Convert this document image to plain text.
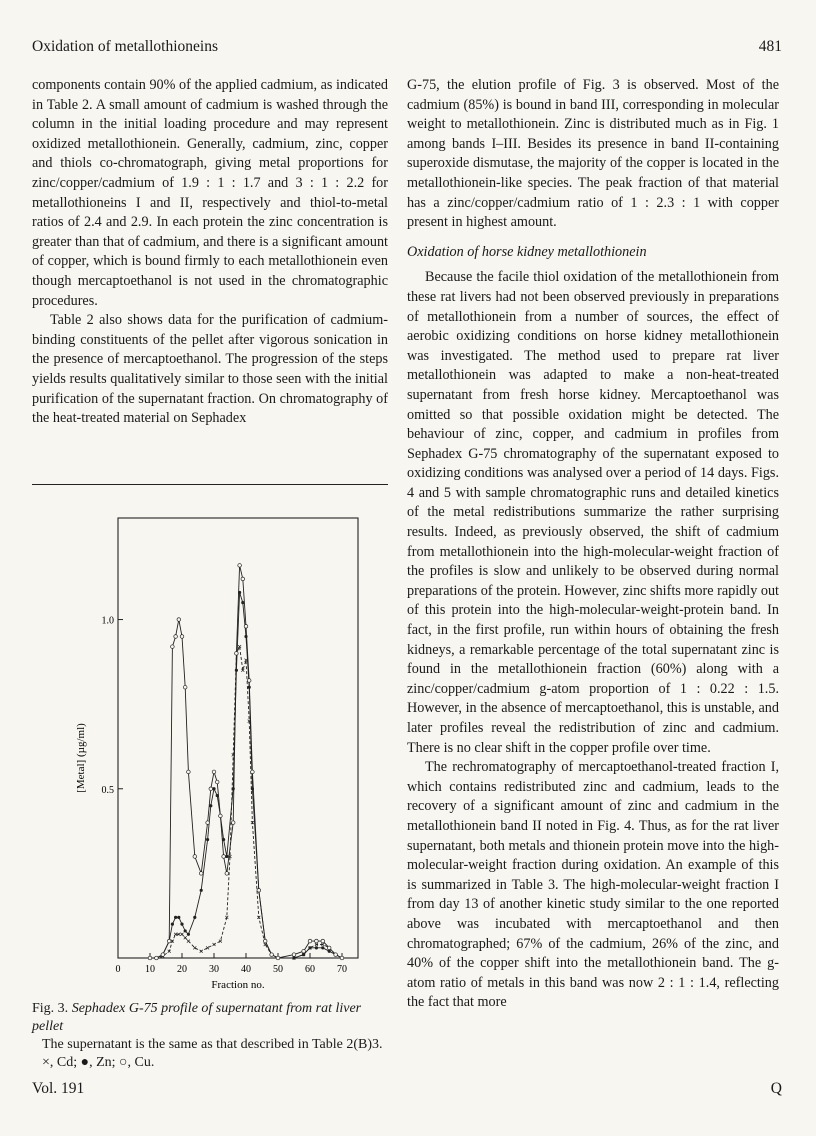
Oxidation of metallothioneins	481

components contain 90% of the applied cadmium, as indicated in Table 2. A small amount of cadmium is washed through the column in the initial loading procedure and may represent oxidized metallothionein. Generally, cadmium, zinc, copper and thiols co-chromatograph, giving metal proportions for zinc/copper/cadmium of 1.9 : 1 : 1.7 and 3 : 1 : 2.2 for metallothioneins I and II, respectively and thiol-to-metal ratios of 2.4 and 2.9. In each protein the zinc concentration is greater than that of cadmium, and there is a significant amount of copper, which is bound firmly to each metallothionein even though mercaptoethanol is not used in the chromatographic procedures.

Table 2 also shows data for the purification of cadmium-binding constituents of the pellet after vigorous sonication in the presence of mercaptoethanol. The progression of the steps yields results qualitatively similar to those seen with the initial purification of the supernatant fraction. On chromatography of the heat-treated material on Sephadex

0 10 20 30 40 50 60 70
0.5
1.0
Fraction no.
[Metal] (µg/ml)

Fig. 3. Sephadex G-75 profile of supernatant from rat liver pellet

The supernatant is the same as that described in Table 2(B)3. ×, Cd; ●, Zn; ○, Cu.

G-75, the elution profile of Fig. 3 is observed. Most of the cadmium (85%) is bound in band III, corresponding in molecular weight to metallothionein. Zinc is distributed much as in Fig. 1 among bands I–III. Besides its presence in band II-containing superoxide dismutase, the majority of the copper is located in the metallothionein-like species. The peak fraction of that material has a zinc/copper/cadmium ratio of 1 : 2.3 : 1 with copper present in highest amount.

Oxidation of horse kidney metallothionein

Because the facile thiol oxidation of the metallothionein from these rat livers had not been observed previously in preparations of metallothionein from a number of sources, the effect of aerobic oxidizing conditions on horse kidney metallothionein was investigated. The method used to prepare rat liver metallothionein was adapted to make a non-heat-treated supernatant from fresh horse kidney. Mercaptoethanol was omitted so that possible oxidation might be detected. The behaviour of zinc, copper, and cadmium in profiles from Sephadex G-75 chromatography of the supernatant exposed to oxidizing conditions was analysed over a period of 14 days. Figs. 4 and 5 with sample chromatographic runs and detailed kinetics of the metal redistributions summarize the rather surprising results. Indeed, as previously observed, the shift of cadmium from metallothionein into the high-molecular-weight fraction of the profiles is slow and unlikely to be observed during normal preparations of the protein. However, zinc shifts more rapidly out of this protein into the high-molecular-weight-protein band. In fact, in the first profile, run within hours of obtaining the fresh kidneys, a remarkable percentage of the total supernatant zinc is found in the metallothionein fraction (60%) along with a zinc/copper/cadmium g-atom proportion of 1 : 0.22 : 1.5. However, in the absence of mercaptoethanol, this is unstable, and later profiles reveal the redistribution of zinc and cadmium. There is no clear shift in the copper profile over time.

The rechromatography of mercaptoethanol-treated fraction I, which contains redistributed zinc and cadmium, leads to the recovery of a significant amount of zinc and cadmium in the metallothionein band II noted in Fig. 4. Thus, as for the rat liver supernatant, both metals and thionein protein move into the high-molecular-weight fraction during oxidation. An example of this is summarized in Table 3. The high-molecular-weight fraction I from day 13 of another kinetic study similar to the one reported above was incubated with mercaptoethanol and then chromatographed; 67% of the cadmium, 26% of the zinc, and 40% of the copper shift into the metallothionein band. The g-atom ratio of metals in this band was now 2 : 1 : 1.4, reflecting the fact that more

Vol. 191	Q
